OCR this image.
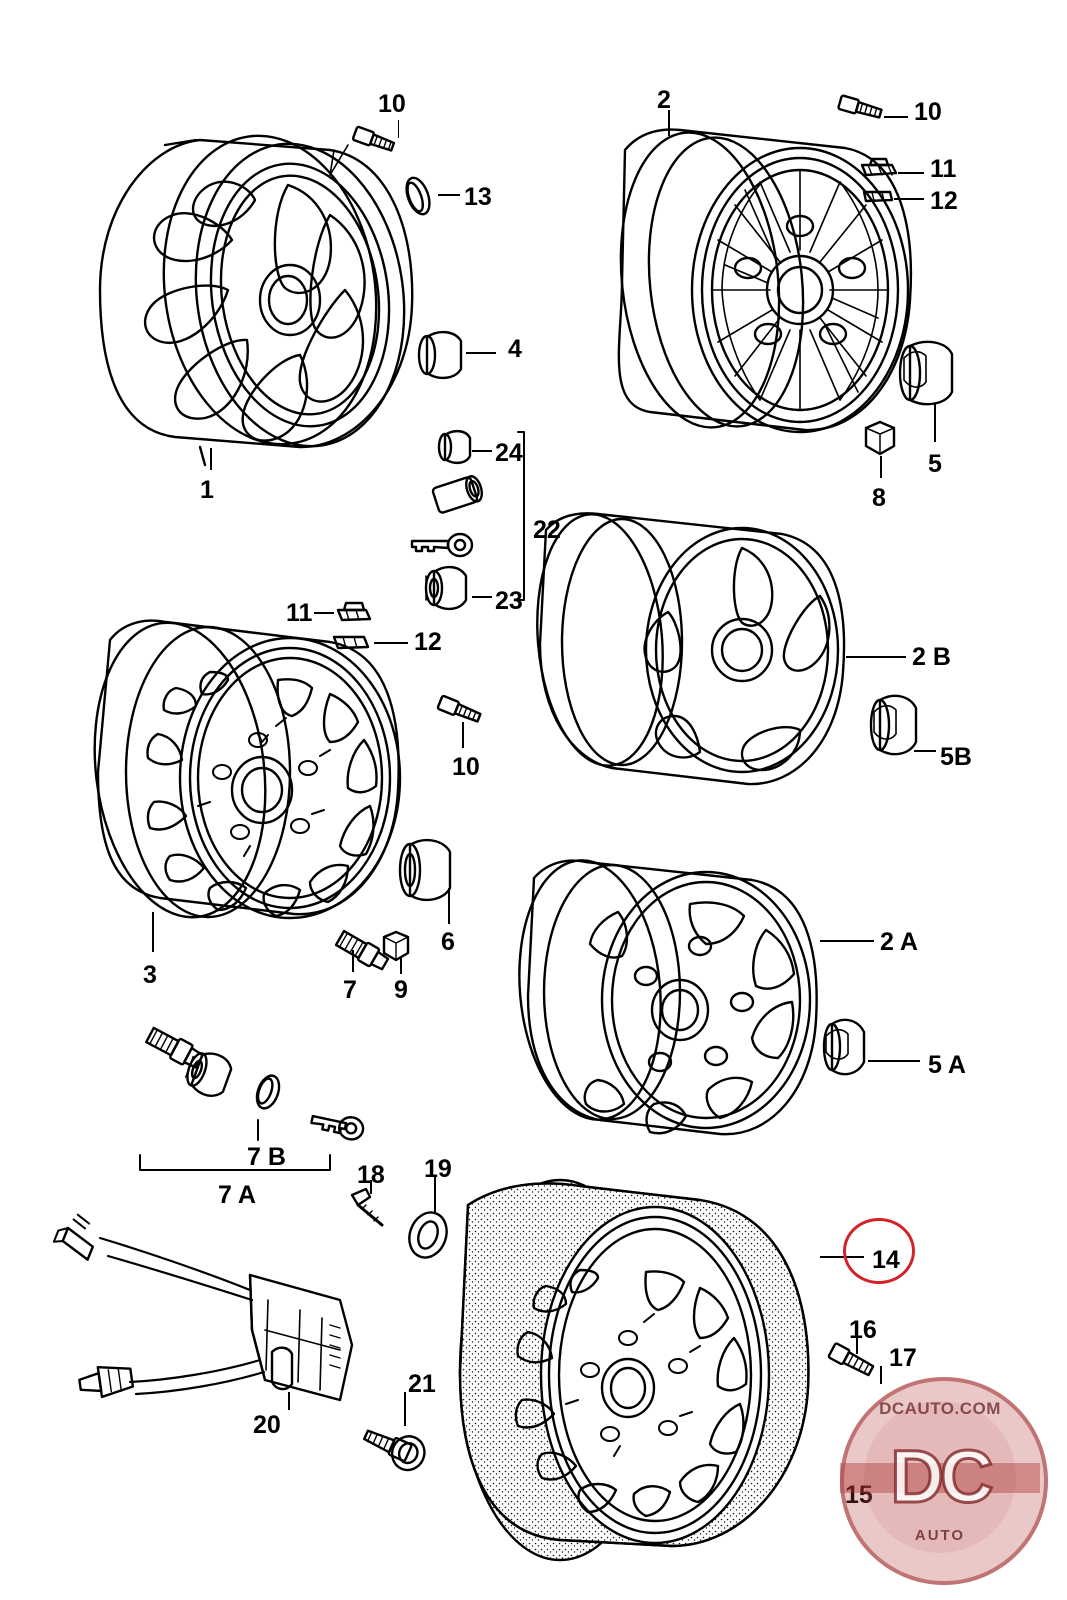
10
13
4
1
2	10
11
12
5
8
24
22
23
11
12
10
2 B
5B
3
6
7 9
2 A
5 A
7 B
7 A
18 19
20
21
14
16
17
15
DCAUTO.COM
DC
AUTO
